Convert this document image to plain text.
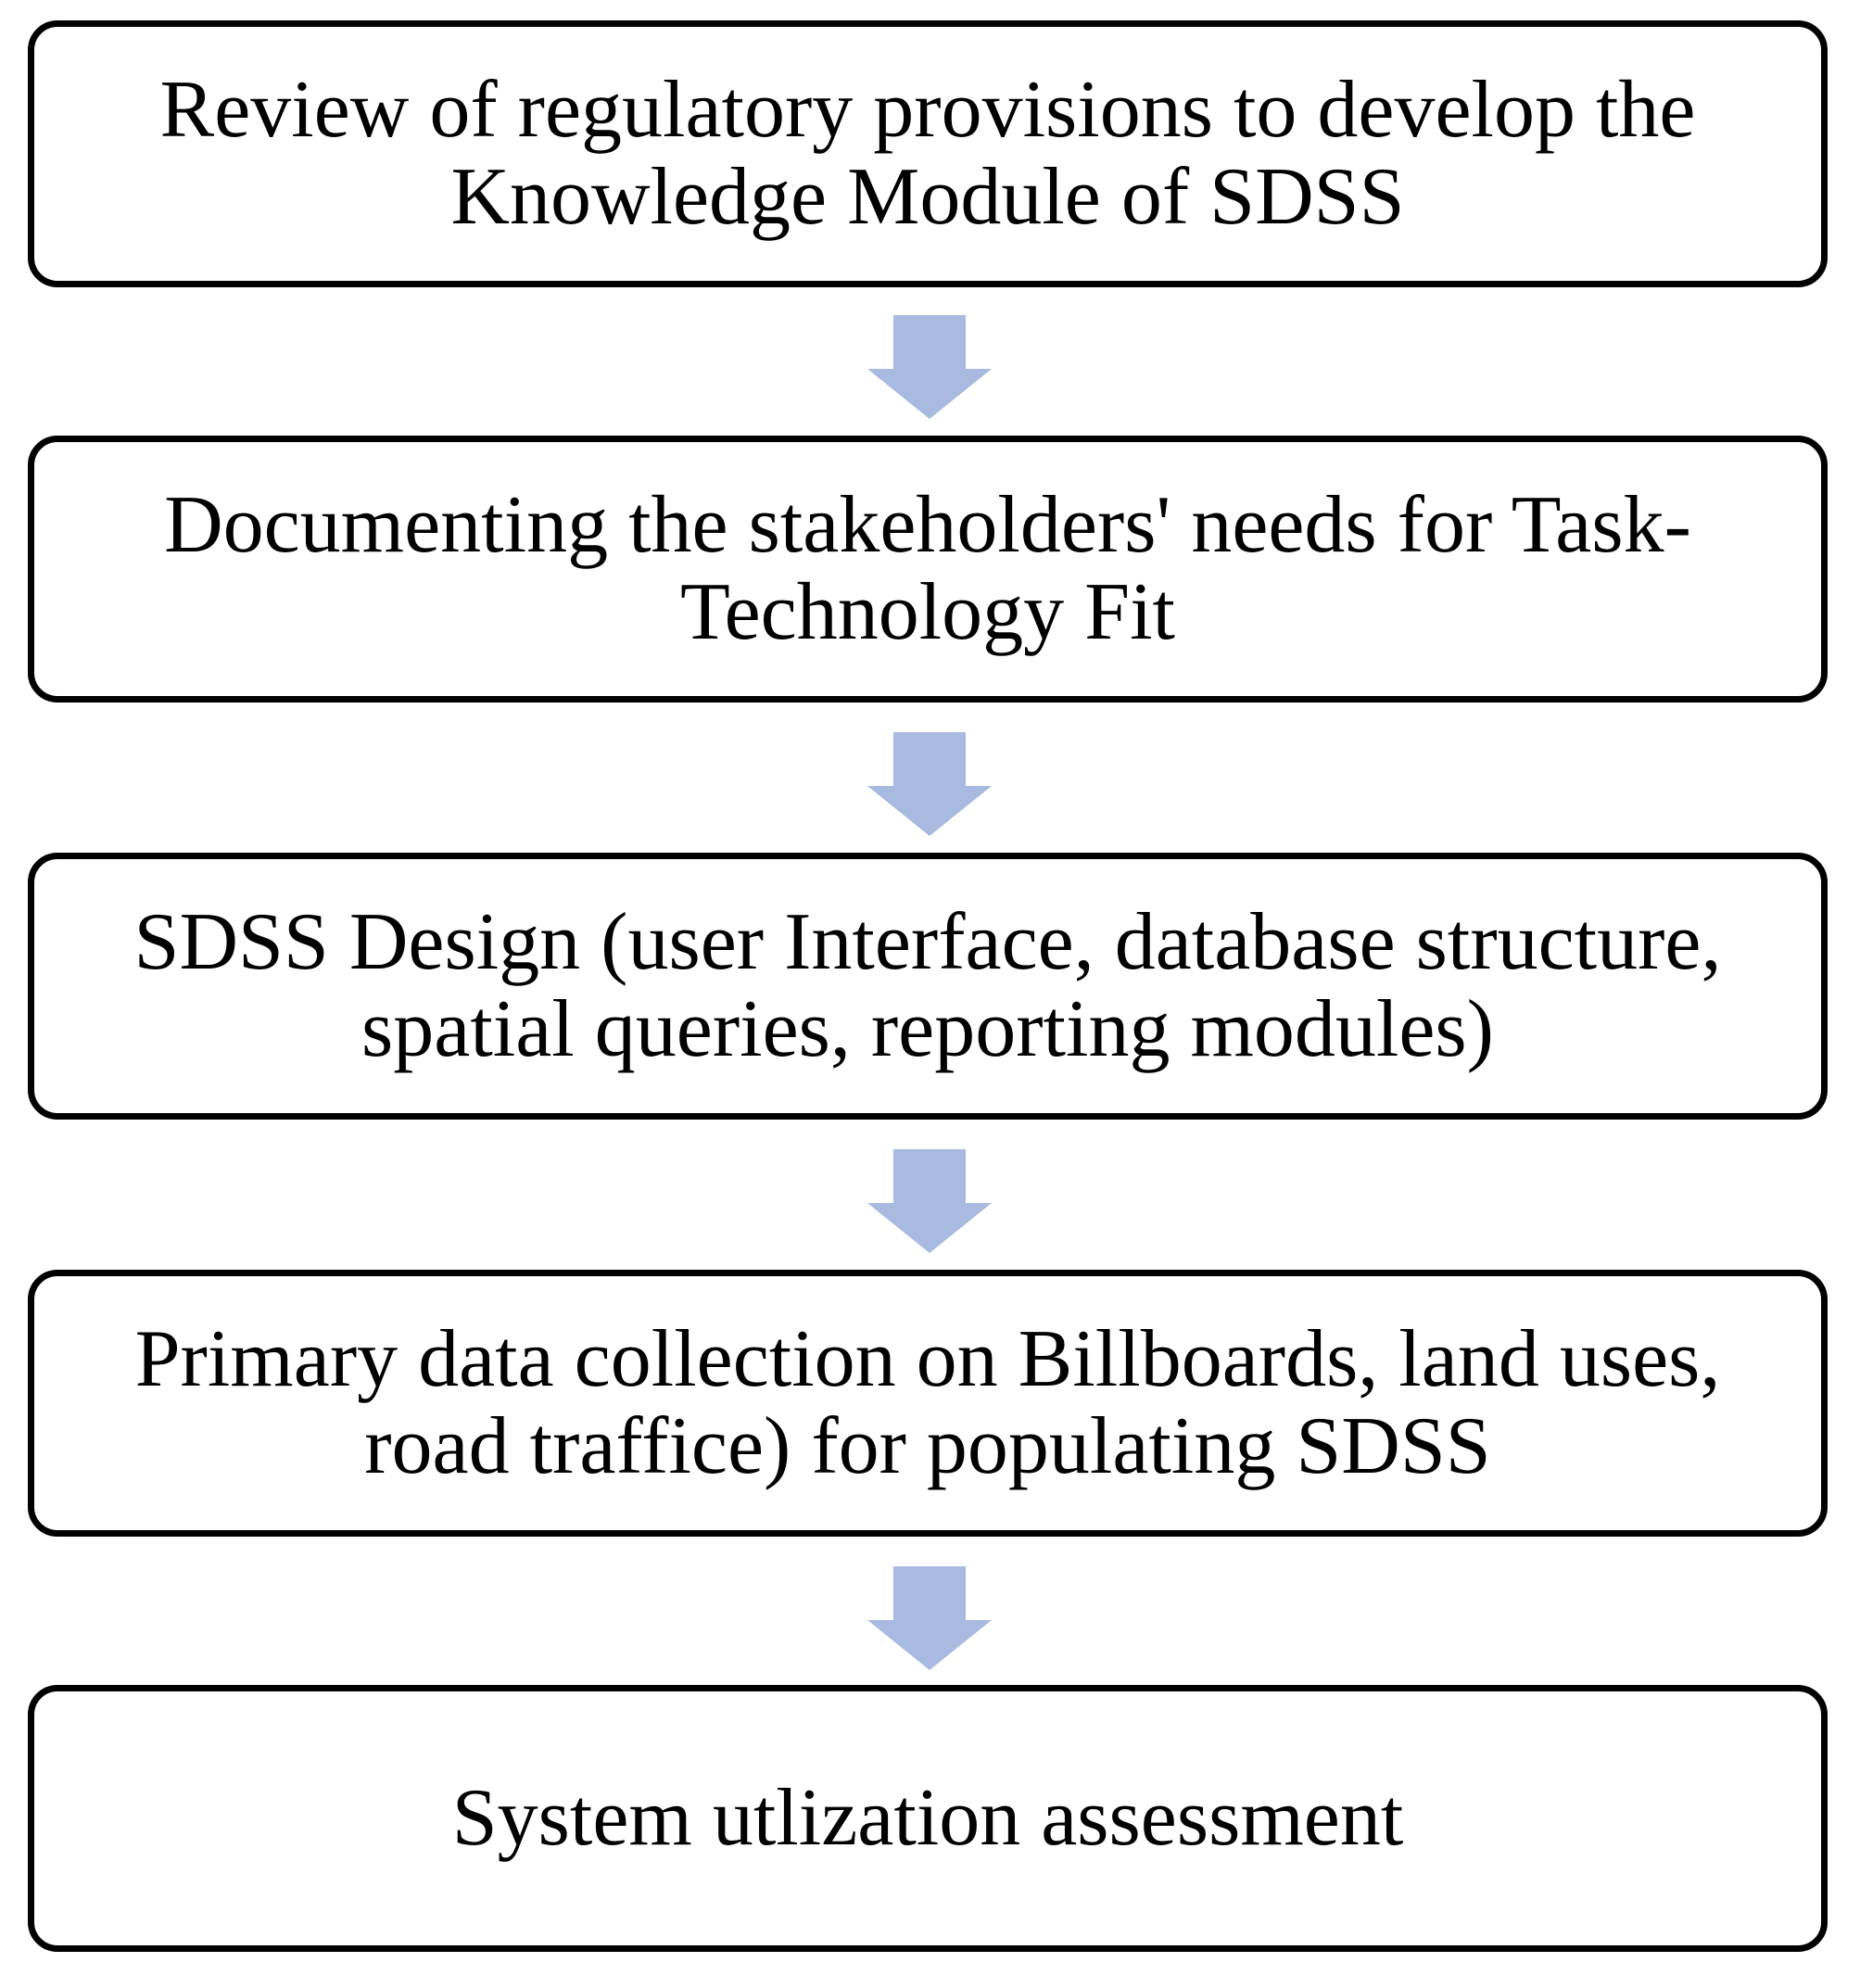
Review of regulatory provisions to develop the
Knowledge Module of SDSS
Documenting the stakeholders' needs for Task-
Technology Fit
SDSS Design (user Interface, database structure,
spatial queries, reporting modules)
Primary data collection on Billboards, land uses,
road traffice) for populating SDSS
System utlization assessment
